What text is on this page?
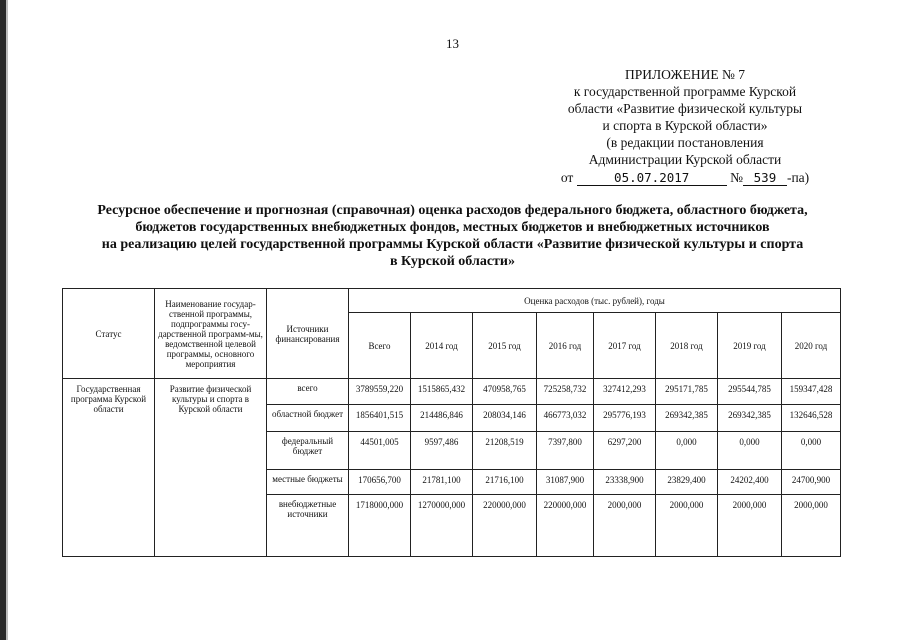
13
ПРИЛОЖЕНИЕ № 7
к государственной программе Курской
области «Развитие физической культуры
и спорта в Курской области»
(в редакции постановления
Администрации Курской области
от	05.07.2017	№ 539 -па)
Ресурсное обеспечение и прогнозная (справочная) оценка расходов федерального бюджета, областного бюджета,
бюджетов государственных внебюджетных фондов, местных бюджетов и внебюджетных источников
на реализацию целей государственной программы Курской области «Развитие физической культуры и спорта
в Курской области»
Статус	Наименование государ-ственной программы, подпрограммы госу-дарственной программ-мы, ведомственной целевой программы, основного мероприятия	Источники финансирования	Оценка расходов (тыс. рублей), годы							
			Всего	2014 год	2015 год	2016 год	2017 год	2018 год	2019 год	2020 год
Государственная программа Курской области	Развитие физической культуры и спорта в Курской области	всего	3789559,220	1515865,432	470958,765	725258,732	327412,293	295171,785	295544,785	159347,428
		областной бюджет	1856401,515	214486,846	208034,146	466773,032	295776,193	269342,385	269342,385	132646,528
		федеральный бюджет	44501,005	9597,486	21208,519	7397,800	6297,200	0,000	0,000	0,000
		местные бюджеты	170656,700	21781,100	21716,100	31087,900	23338,900	23829,400	24202,400	24700,900
		внебюджетные источники	1718000,000	1270000,000	220000,000	220000,000	2000,000	2000,000	2000,000	2000,000
